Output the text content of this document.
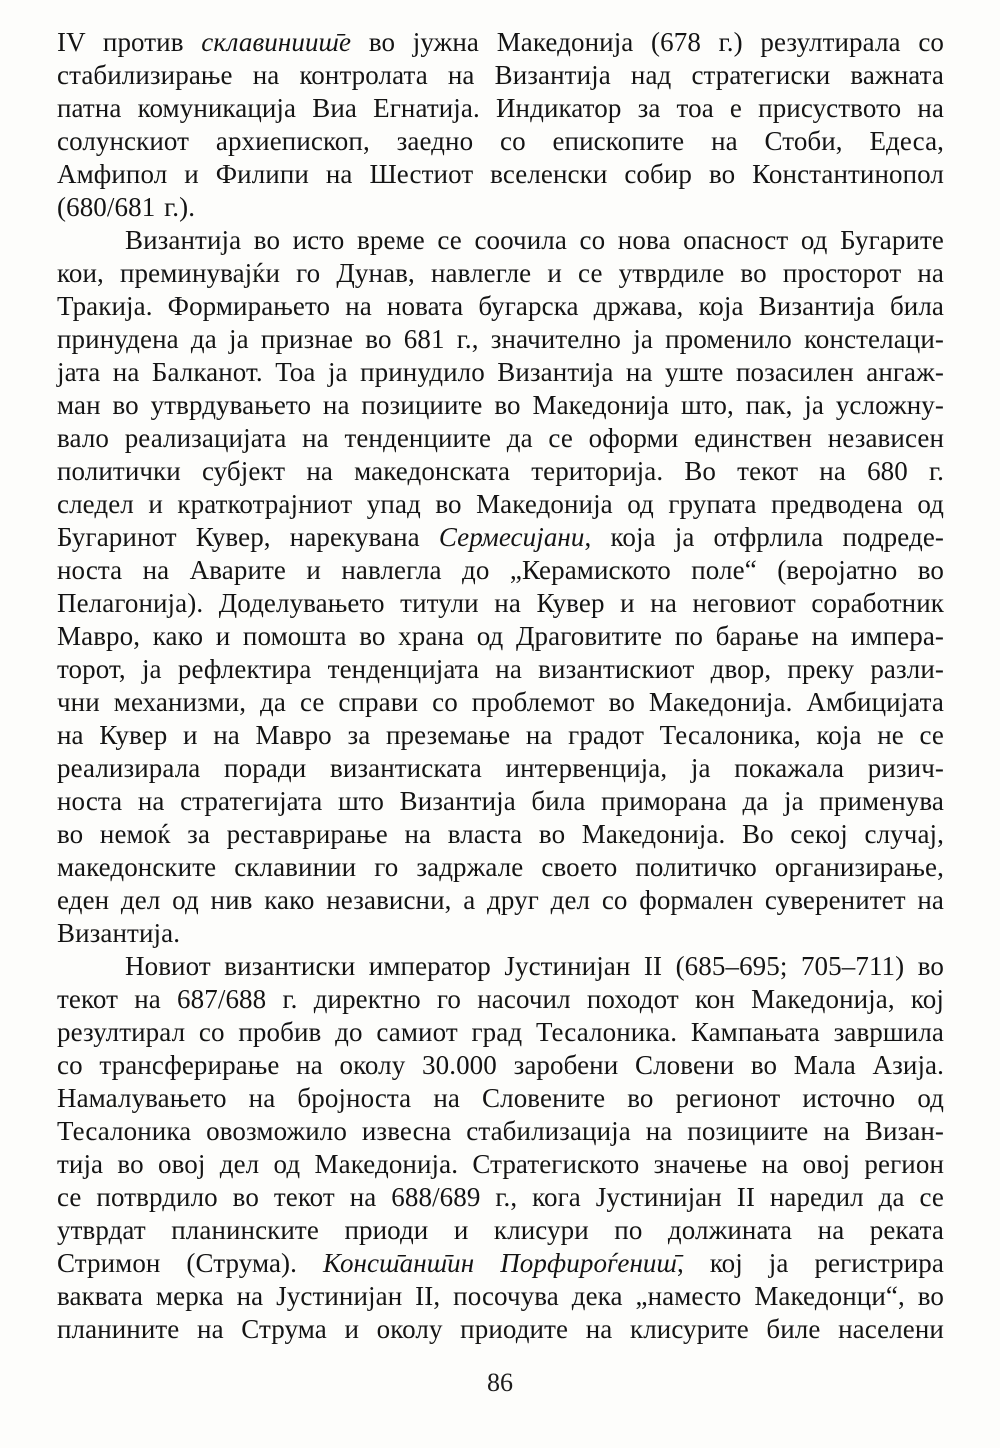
IV против склавинииш̄е во јужна Македонија (678 г.) резултирала со
стабилизирање на контролата на Византија над стратегиски важната
патна комуникација Виа Егнатија. Индикатор за тоа е присуството на
солунскиот архиепископ, заедно со епископите на Стоби, Едеса,
Амфипол и Филипи на Шестиот вселенски собир во Константинопол
(680/681 г.).
Византија во исто време се соочила со нова опасност од Бугарите
кои, преминувајќи го Дунав, навлегле и се утврдиле во просторот на
Тракија. Формирањето на новата бугарска држава, која Византија била
принудена да ја признае во 681 г., значително ја променило констелаци-
јата на Балканот. Тоа ја принудило Византија на уште позасилен ангаж-
ман во утврдувањето на позициите во Македонија што, пак, ја усложну-
вало реализацијата на тенденциите да се оформи единствен независен
политички субјект на македонската територија. Во текот на 680 г.
следел и краткотрајниот упад во Македонија од групата предводена од
Бугаринот Кувер, нарекувана Сермесијани, која ја отфрлила подреде-
носта на Аварите и навлегла до „Керамиското поле“ (веројатно во
Пелагонија). Доделувањето титули на Кувер и на неговиот соработник
Мавро, како и помошта во храна од Драговитите по барање на импера-
торот, ја рефлектира тенденцијата на византискиот двор, преку разли-
чни механизми, да се справи со проблемот во Македонија. Амбицијата
на Кувер и на Мавро за преземање на градот Тесалоника, која не се
реализирала поради византиската интервенција, ја покажала ризич-
носта на стратегијата што Византија била приморана да ја применува
во немоќ за реставрирање на власта во Македонија. Во секој случај,
македонските склавинии го задржале своето политичко организирање,
еден дел од нив како независни, а друг дел со формален суверенитет на
Византија.
Новиот византиски император Јустинијан II (685–695; 705–711) во
текот на 687/688 г. директно го насочил походот кон Македонија, кој
резултирал со пробив до самиот град Тесалоника. Кампањата завршила
со трансферирање на околу 30.000 заробени Словени во Мала Азија.
Намалувањето на бројноста на Словените во регионот источно од
Тесалоника овозможило извесна стабилизација на позициите на Визан-
тија во овој дел од Македонија. Стратегиското значење на овој регион
се потврдило во текот на 688/689 г., кога Јустинијан II наредил да се
утврдат планинските приоди и клисури по должината на реката
Стримон (Струма). Консш̄анш̄ин Порфироѓениш̄, кој ја регистрира
ваквата мерка на Јустинијан II, посочува дека „наместо Македонци“, во
планините на Струма и околу приодите на клисурите биле населени
86
